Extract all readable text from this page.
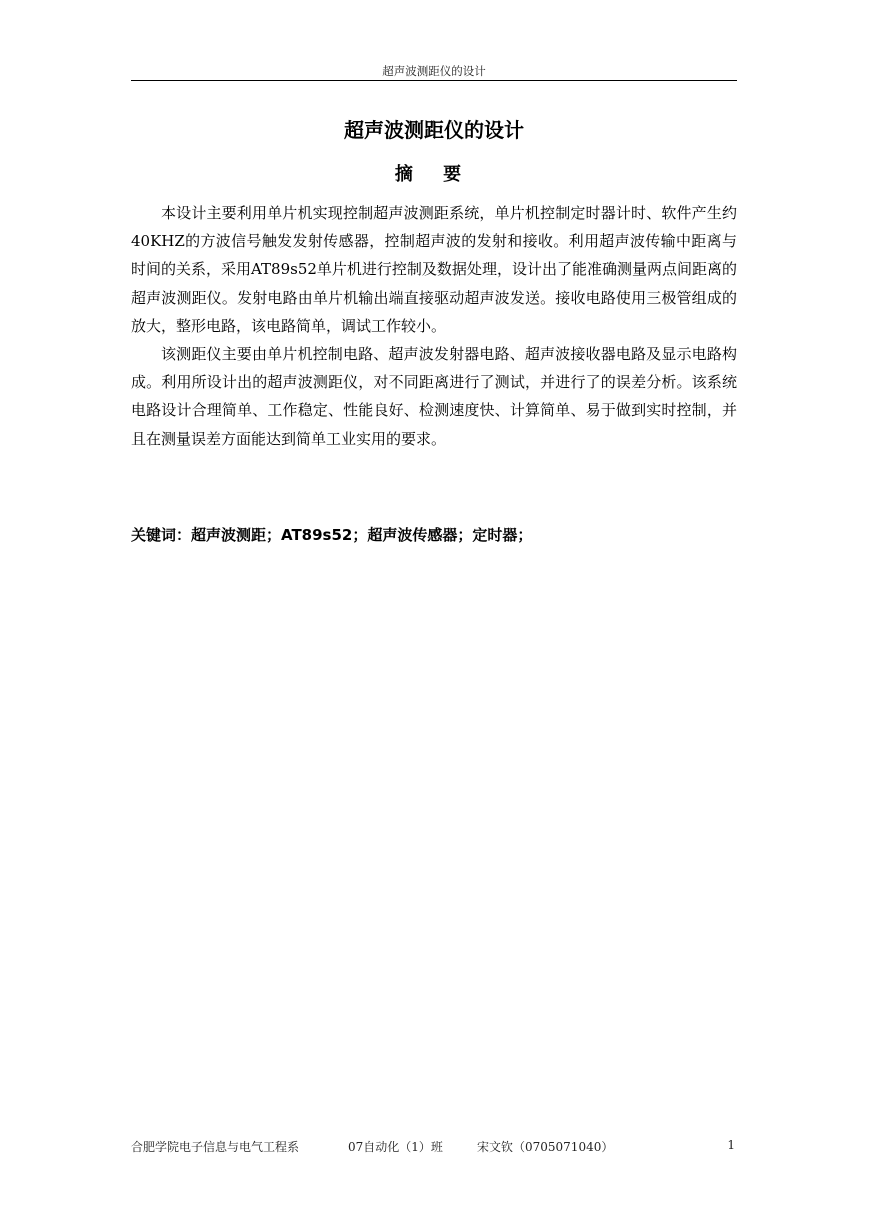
超声波测距仪的设计
超声波测距仪的设计
摘 要

本设计主要利用单片机实现控制超声波测距系统，单片机控制定时器计时、软件产生约40KHZ的方波信号触发发射传感器，控制超声波的发射和接收。利用超声波传输中距离与时间的关系，采用AT89s52单片机进行控制及数据处理，设计出了能准确测量两点间距离的超声波测距仪。发射电路由单片机输出端直接驱动超声波发送。接收电路使用三极管组成的放大，整形电路，该电路简单，调试工作较小。

该测距仪主要由单片机控制电路、超声波发射器电路、超声波接收器电路及显示电路构成。利用所设计出的超声波测距仪，对不同距离进行了测试，并进行了的误差分析。该系统电路设计合理简单、工作稳定、性能良好、检测速度快、计算简单、易于做到实时控制，并且在测量误差方面能达到简单工业实用的要求。

关键词：超声波测距；AT89s52；超声波传感器；定时器；
合肥学院电子信息与电气工程系	07自动化（1）班	宋文钦（0705071040）	1
